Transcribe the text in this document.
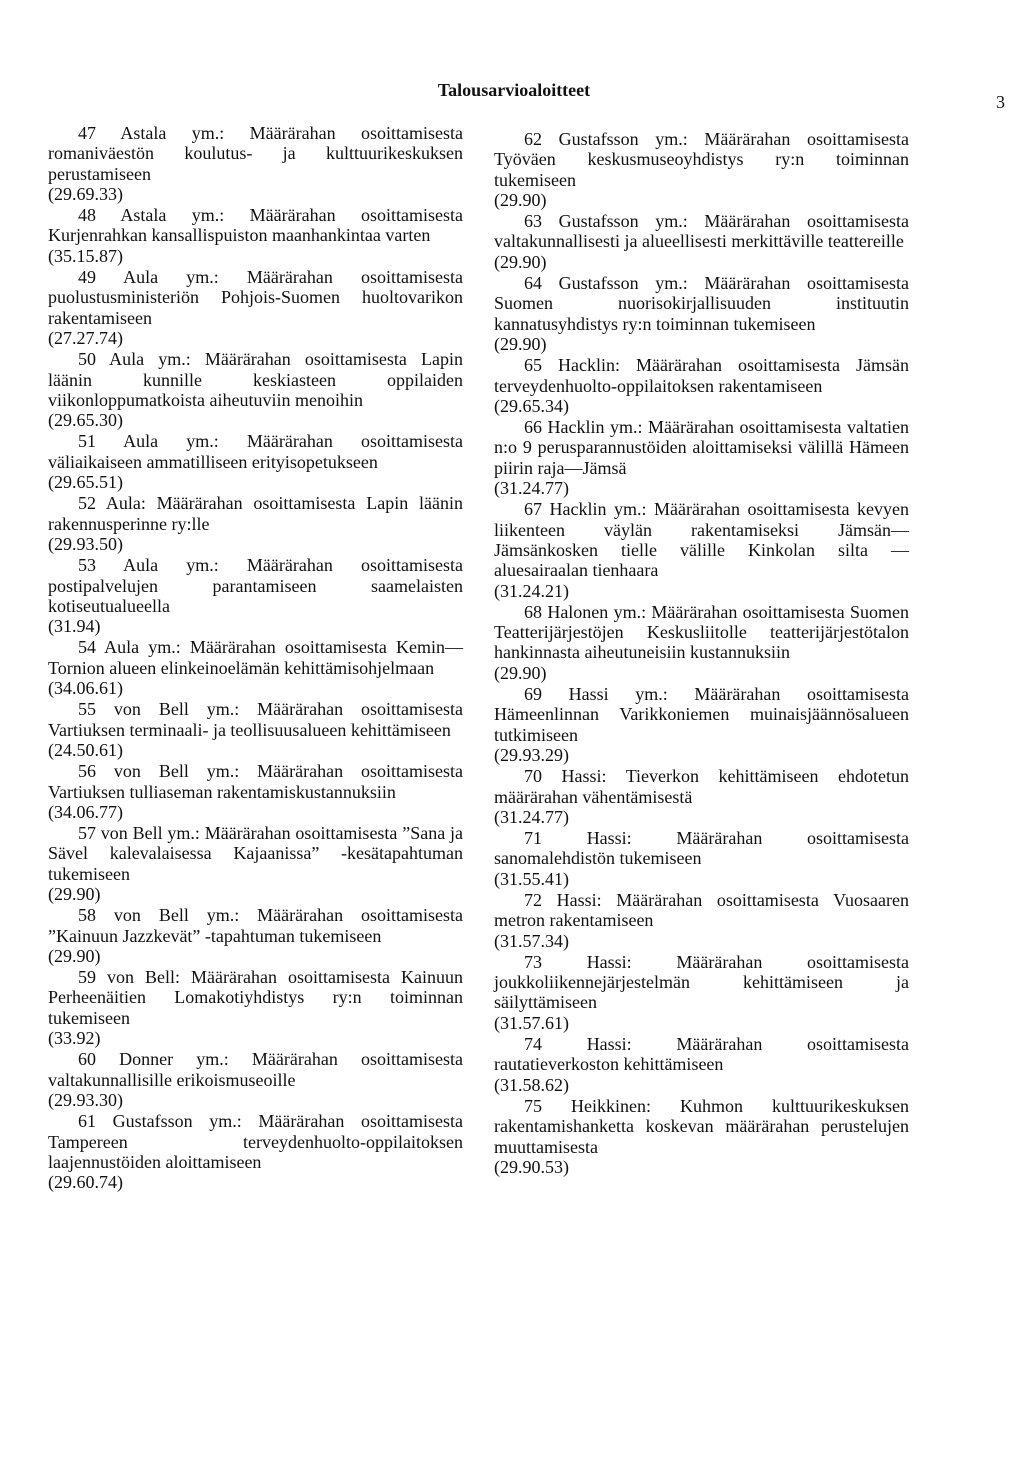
Talousarvioaloitteet
3
47 Astala ym.: Määrärahan osoittamisesta romaniväestön koulutus- ja kulttuurikeskuksen perustamiseen
(29.69.33)
48 Astala ym.: Määrärahan osoittamisesta Kurjenrahkan kansallispuiston maanhankintaa varten
(35.15.87)
49 Aula ym.: Määrärahan osoittamisesta puolustusministeriön Pohjois-Suomen huoltovarikon rakentamiseen
(27.27.74)
50 Aula ym.: Määrärahan osoittamisesta Lapin läänin kunnille keskiasteen oppilaiden viikonloppumatkoista aiheutuviin menoihin
(29.65.30)
51 Aula ym.: Määrärahan osoittamisesta väliaikaiseen ammatilliseen erityisopetukseen
(29.65.51)
52 Aula: Määrärahan osoittamisesta Lapin läänin rakennusperinne ry:lle
(29.93.50)
53 Aula ym.: Määrärahan osoittamisesta postipalvelujen parantamiseen saamelaisten kotiseutualueella
(31.94)
54 Aula ym.: Määrärahan osoittamisesta Kemin—Tornion alueen elinkeinoelämän kehittämisohjelmaan
(34.06.61)
55 von Bell ym.: Määrärahan osoittamisesta Vartiuksen terminaali- ja teollisuusalueen kehittämiseen
(24.50.61)
56 von Bell ym.: Määrärahan osoittamisesta Vartiuksen tulliaseman rakentamiskustannuksiin
(34.06.77)
57 von Bell ym.: Määrärahan osoittamisesta ”Sana ja Sävel kalevalaisessa Kajaanissa” -kesätapahtuman tukemiseen
(29.90)
58 von Bell ym.: Määrärahan osoittamisesta ”Kainuun Jazzkevät” -tapahtuman tukemiseen
(29.90)
59 von Bell: Määrärahan osoittamisesta Kainuun Perheenäitien Lomakotiyhdistys ry:n toiminnan tukemiseen
(33.92)
60 Donner ym.: Määrärahan osoittamisesta valtakunnallisille erikoismuseoille
(29.93.30)
61 Gustafsson ym.: Määrärahan osoittamisesta Tampereen terveydenhuolto-oppilaitoksen laajennustöiden aloittamiseen
(29.60.74)
62 Gustafsson ym.: Määrärahan osoittamisesta Työväen keskusmuseoyhdistys ry:n toiminnan tukemiseen
(29.90)
63 Gustafsson ym.: Määrärahan osoittamisesta valtakunnallisesti ja alueellisesti merkittäville teattereille
(29.90)
64 Gustafsson ym.: Määrärahan osoittamisesta Suomen nuorisokirjallisuuden instituutin kannatusyhdistys ry:n toiminnan tukemiseen
(29.90)
65 Hacklin: Määrärahan osoittamisesta Jämsän terveydenhuolto-oppilaitoksen rakentamiseen
(29.65.34)
66 Hacklin ym.: Määrärahan osoittamisesta valtatien n:o 9 perusparannustöiden aloittamiseksi välillä Hämeen piirin raja—Jämsä
(31.24.77)
67 Hacklin ym.: Määrärahan osoittamisesta kevyen liikenteen väylän rakentamiseksi Jämsän—Jämsänkosken tielle välille Kinkolan silta — aluesairaalan tienhaara
(31.24.21)
68 Halonen ym.: Määrärahan osoittamisesta Suomen Teatterijärjestöjen Keskusliitolle teatterijärjestötalon hankinnasta aiheutuneisiin kustannuksiin
(29.90)
69 Hassi ym.: Määrärahan osoittamisesta Hämeenlinnan Varikkoniemen muinaisjäännösalueen tutkimiseen
(29.93.29)
70 Hassi: Tieverkon kehittämiseen ehdotetun määrärahan vähentämisestä
(31.24.77)
71 Hassi: Määrärahan osoittamisesta sanomalehdistön tukemiseen
(31.55.41)
72 Hassi: Määrärahan osoittamisesta Vuosaaren metron rakentamiseen
(31.57.34)
73 Hassi: Määrärahan osoittamisesta joukkoliikennejärjestelmän kehittämiseen ja säilyttämiseen
(31.57.61)
74 Hassi: Määrärahan osoittamisesta rautatieverkoston kehittämiseen
(31.58.62)
75 Heikkinen: Kuhmon kulttuurikeskuksen rakentamishanketta koskevan määrärahan perustelujen muuttamisesta
(29.90.53)
